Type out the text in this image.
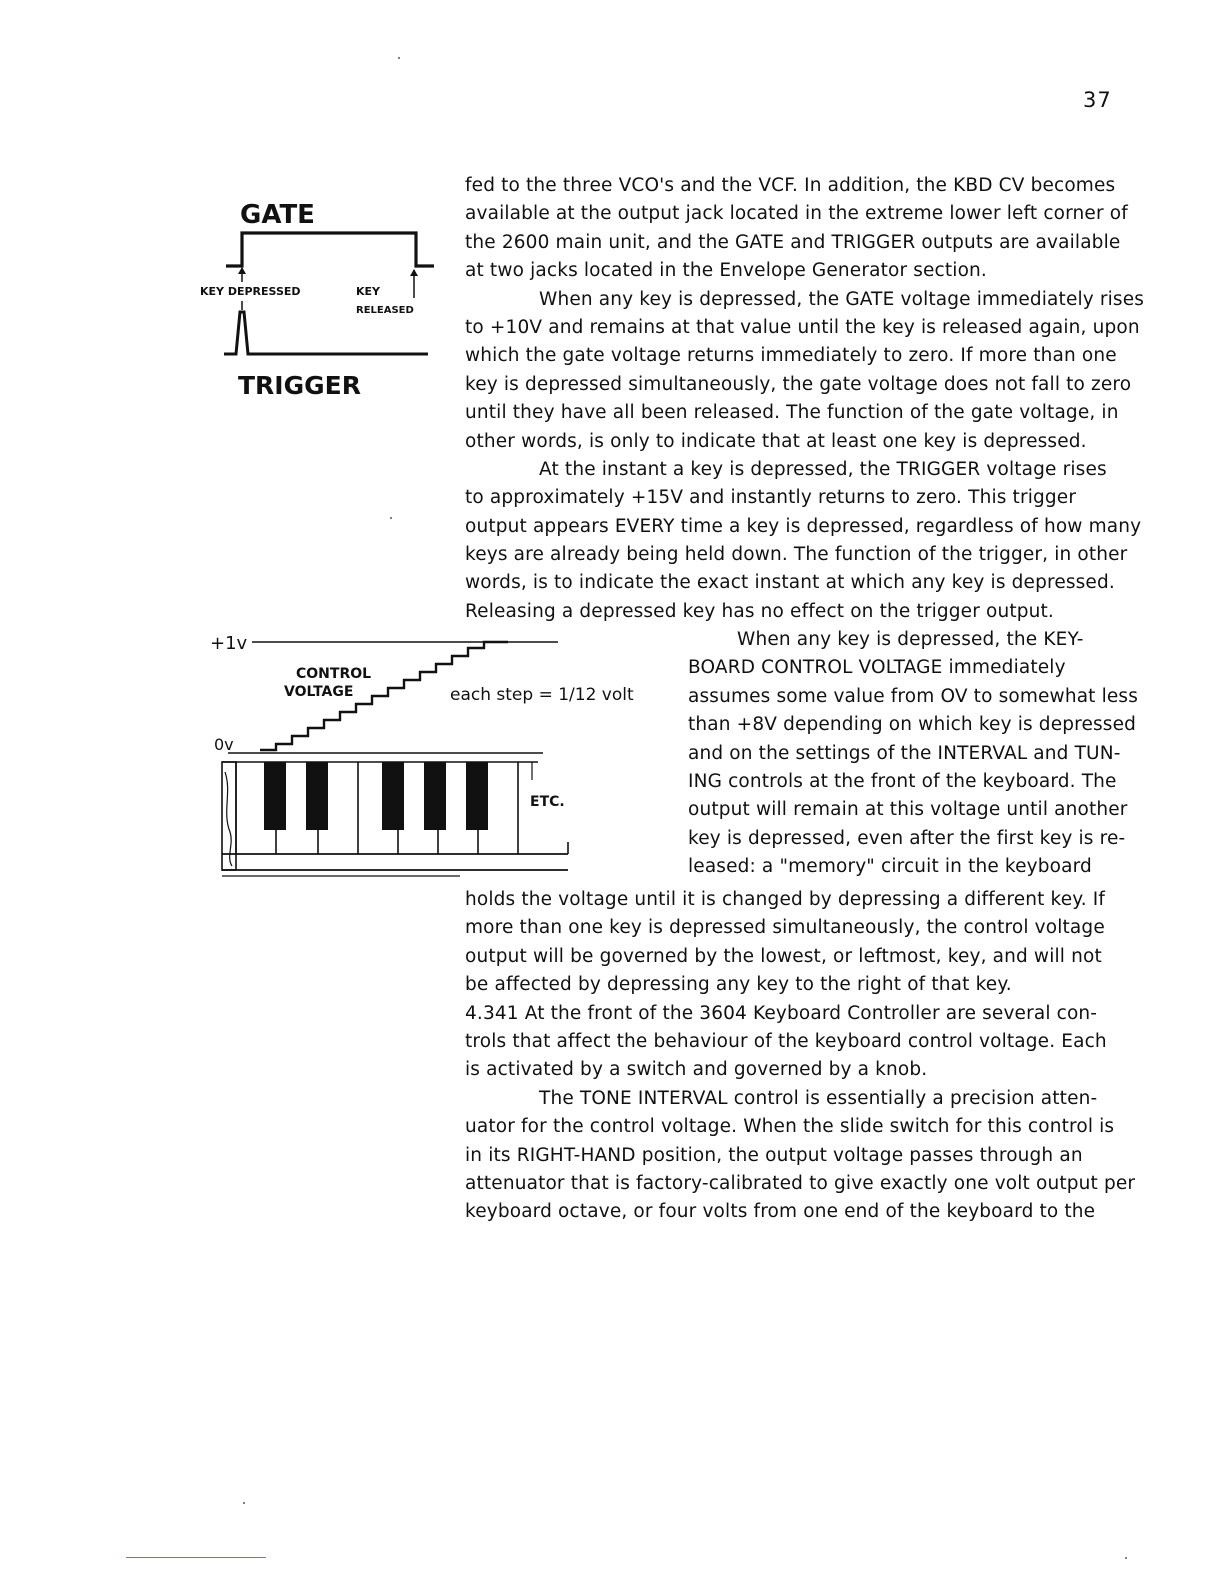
37
GATE
KEY DEPRESSED	KEY
RELEASED
TRIGGER
+1v
CONTROL
VOLTAGE	each step = 1/12 volt
0v
ETC.
fed to the three VCO's and the VCF. In addition, the KBD CV becomes
available at the output jack located in the extreme lower left corner of
the 2600 main unit, and the GATE and TRIGGER outputs are available
at two jacks located in the Envelope Generator section.
When any key is depressed, the GATE voltage immediately rises
to +10V and remains at that value until the key is released again, upon
which the gate voltage returns immediately to zero. If more than one
key is depressed simultaneously, the gate voltage does not fall to zero
until they have all been released. The function of the gate voltage, in
other words, is only to indicate that at least one key is depressed.
At the instant a key is depressed, the TRIGGER voltage rises
to approximately +15V and instantly returns to zero. This trigger
output appears EVERY time a key is depressed, regardless of how many
keys are already being held down. The function of the trigger, in other
words, is to indicate the exact instant at which any key is depressed.
Releasing a depressed key has no effect on the trigger output.
When any key is depressed, the KEY-
BOARD CONTROL VOLTAGE immediately
assumes some value from OV to somewhat less
than +8V depending on which key is depressed
and on the settings of the INTERVAL and TUN-
ING controls at the front of the keyboard. The
output will remain at this voltage until another
key is depressed, even after the first key is re-
leased: a "memory" circuit in the keyboard
holds the voltage until it is changed by depressing a different key. If
more than one key is depressed simultaneously, the control voltage
output will be governed by the lowest, or leftmost, key, and will not
be affected by depressing any key to the right of that key.
4.341 At the front of the 3604 Keyboard Controller are several con-
trols that affect the behaviour of the keyboard control voltage. Each
is activated by a switch and governed by a knob.
The TONE INTERVAL control is essentially a precision atten-
uator for the control voltage. When the slide switch for this control is
in its RIGHT-HAND position, the output voltage passes through an
attenuator that is factory-calibrated to give exactly one volt output per
keyboard octave, or four volts from one end of the keyboard to the
